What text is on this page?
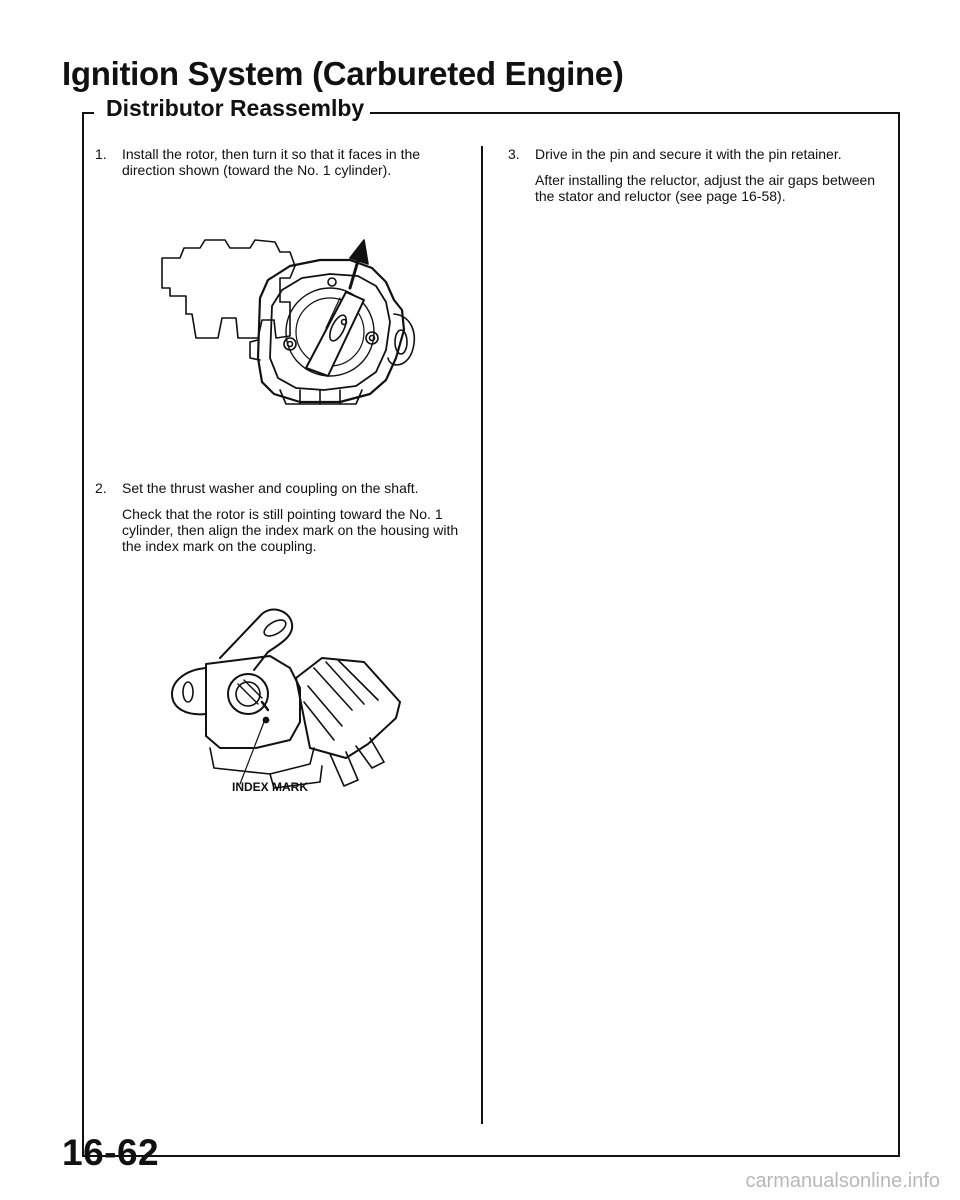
Ignition System (Carbureted Engine)
Distributor Reassemlby
1. Install the rotor, then turn it so that it faces in the direction shown (toward the No. 1 cylinder).

2. Set the thrust washer and coupling on the shaft.

Check that the rotor is still pointing toward the No. 1 cylinder, then align the index mark on the housing with the index mark on the coupling.

INDEX MARK
3. Drive in the pin and secure it with the pin retainer.

After installing the reluctor, adjust the air gaps between the stator and reluctor (see page 16-58).

16-62
carmanualsonline.info
